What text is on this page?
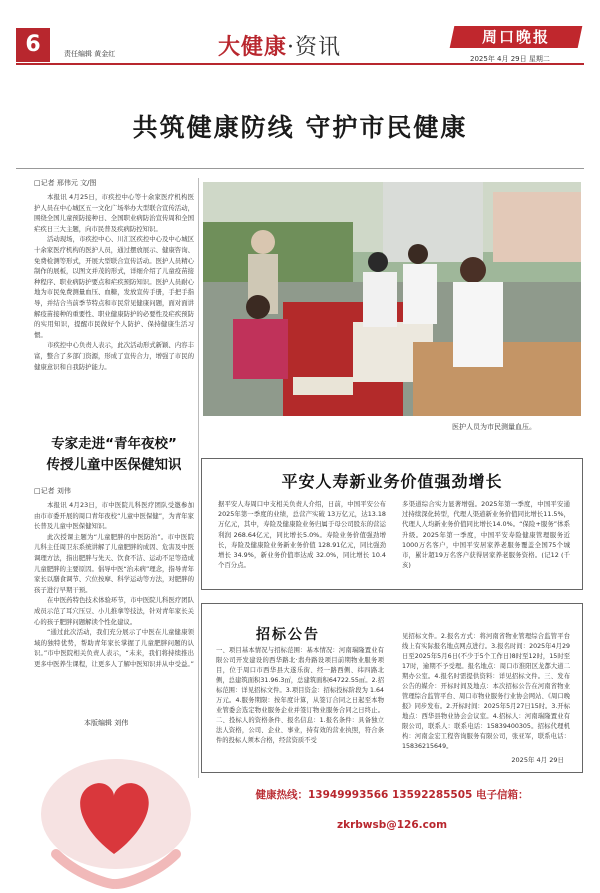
6	责任编辑 黄金红	大健康·资讯	周口晚报
2025年 4月 29日 星期二
共筑健康防线 守护市民健康
□记者 邢伟元 文/图

本报讯 4月25日，市疾控中心等十余家医疗机构医护人员在中心城区五一文化广场举办大型联合宣传活动，围绕全国儿童预防接种日、全国职业病防治宣传周和全国疟疾日三大主题，向市民普及疾病防控知识。

活动现场，市疾控中心、川汇区疾控中心及中心城区十余家医疗机构的医护人员，通过摆放展示、健康咨询、免费检测等形式，开展大型联合宣传活动。医护人员精心制作的展板，以图文并茂的形式，详细介绍了儿童疫苗接种程序、职业病防护要点和疟疾预防知识。医护人员耐心地为市民免费测量血压、血糖，发放宣传手册，手把手指导，并结合当前季节特点和市民常见健康问题，面对面讲解疫苗接种的重要性、职业健康防护的必要性及疟疾预防的实用知识，提醒市民做好个人防护、保持健康生活习惯。

市疾控中心负责人表示，此次活动形式新颖、内容丰富，整合了多部门资源，形成了宣传合力，增强了市民的健康意识和自我防护能力。

专家走进“青年夜校”
传授儿童中医保健知识
□记者 刘伟

本报讯 4月23日，市中医院儿科医疗团队受邀参加由市市委开展的周口青年夜校“儿童中医保健”，为青年家长普及儿童中医保健知识。

此次授课主题为“儿童肥胖的中医防治”。市中医院儿科主任周卫东系统讲解了儿童肥胖的成因、危害及中医调理方法，指出肥胖与先天、饮食不洁、运动不足等造成儿童肥胖的主要原因。倡导中医“治未病”理念，指导青年家长以膳食调节、穴位按摩、科学运动等方法，对肥胖的孩子进行早期干预。

在中医药特色技术体验环节，市中医院儿科医疗团队成员示范了耳穴压豆、小儿推拿等技法，针对青年家长关心的孩子肥胖问题解读个性化建议。

“通过此次活动，我们充分展示了中医在儿童健康领域的独特优势，帮助青年家长掌握了儿童肥胖问题的认识。”市中医院相关负责人表示，“未来，我们将持续推出更多中医养生课程，让更多人了解中医知识并从中受益。”

本版编辑 刘伟
医护人员为市民测量血压。
平安人寿新业务价值强劲增长
据平安人寿周口中支相关负责人介绍，日前，中国平安公布 2025年第一季度的业绩，总营产实破 13万亿元，达13.18万亿元，其中，寿险及健康险业务归属于母公司股东的营运利润 268.64亿元，同比增长5.0%。寿险业务价值强劲增长，寿险及健康险业务新业务价值 128.91亿元，同比强劲增长 34.9%，新业务价值率达成 32.0%，同比增长 10.4个百分点。
多渠道综合实力显著增强。2025年第一季度，中国平安通过持续深化转型，代理人渠道新业务价值同比增长11.5%，代理人人均新业务价值同比增长14.0%。“保险+服务”体系升级。2025年第一季度，中国平安寿险健康管理服务近1000万名客户，中国平安居家养老服务覆盖全国75个城市，累计超19万名客户获得居家养老服务资格。(记12 (千亥)
招标公告
一、项目基本情况与招标范围：基本情况：河南瑞隆置业有限公司开发建设的西华路北·翡舟路设项目前期物业服务项目，位于周口市西华县大遂乐街、经一路西侧、纬四路北侧，总建筑面积31.96.3㎡，总建筑面积64722.55㎡。2.招标范围：详见招标文件。3.项目资金：招标投标阶段为 1.64万元。4.服务期限：按年度计算，从签订合同之日起至本物业管委会选定物业服务企业并签订物业服务合同之日终止。二、投标人的资格条件、报名信息：1.报名条件：具备独立法人资格，公司、企业、事业，持有效的营业执照，符合条件的投标人须本合格，经营资质不受
见招标文件。2.报名方式：将河南省物业管理综合监管平台线上有实际报名地点网点进行。3.报名时间：2025年4月29日至2025年5月6日(不少于5个工作日)8时至12时，15时至17时，逾期不予受理。报名地点：周口市淮阳区龙都大道二期办公室。4.报名时需提供资料：详见招标文件。三、发布公告的媒介：开标时间及地点：本次招标公告在河南省物业管理综合监管平台、周口市物业服务行业协会网站、《周口晚报》同步发布。2.开标时间：2025年5月27日15时。3.开标地点：西华县物业协会会议室。4.招标人：河南瑞隆置业有限公司，联系人：联系电话：15839400305。招标代理机构：河南金宏工程咨询服务有限公司，张亚军，联系电话：15836215649。
2025年 4月 29日
健康热线：13949993566 13592285505 电子信箱：zkrbwsb@126.com
